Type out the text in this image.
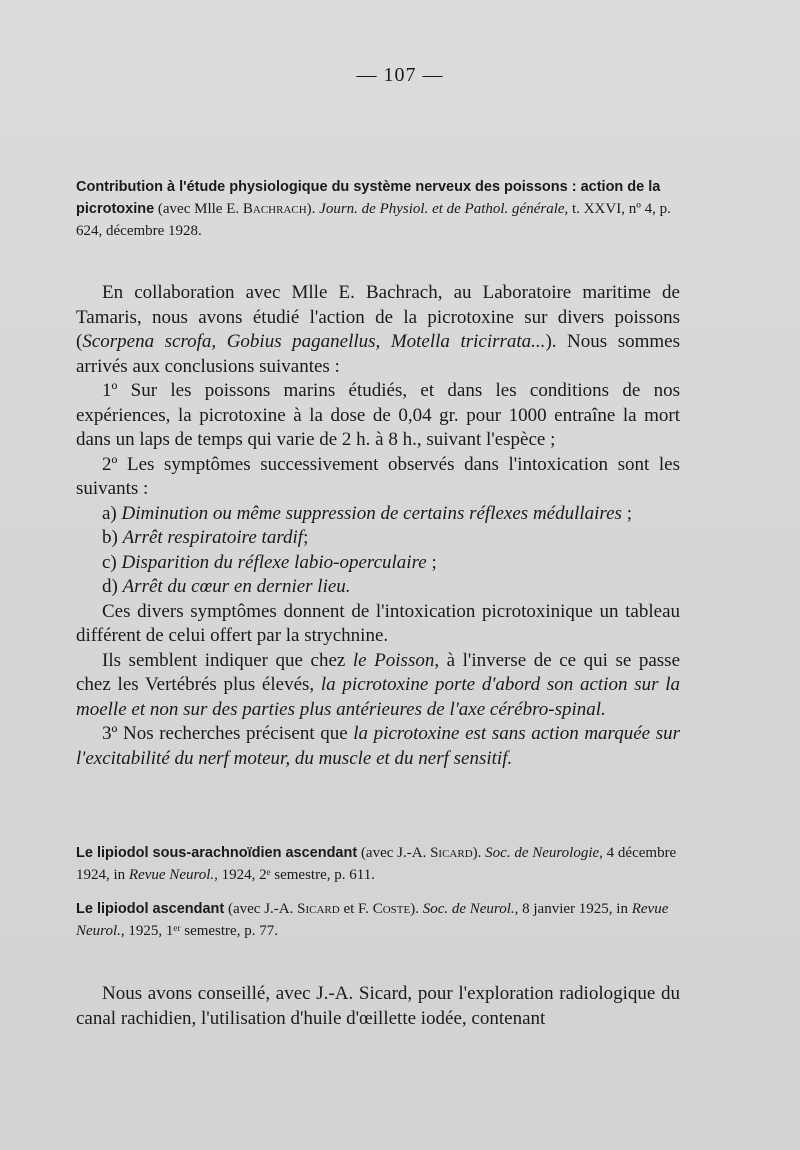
— 107 —
Contribution à l'étude physiologique du système nerveux des poissons : action de la picrotoxine (avec Mlle E. Bachrach). Journ. de Physiol. et de Pathol. générale, t. XXVI, nº 4, p. 624, décembre 1928.

En collaboration avec Mlle E. Bachrach, au Laboratoire maritime de Tamaris, nous avons étudié l'action de la picrotoxine sur divers poissons (Scorpena scrofa, Gobius paganellus, Motella tricirrata...). Nous sommes arrivés aux conclusions suivantes :

1º Sur les poissons marins étudiés, et dans les conditions de nos expériences, la picrotoxine à la dose de 0,04 gr. pour 1000 entraîne la mort dans un laps de temps qui varie de 2 h. à 8 h., suivant l'espèce ;

2º Les symptômes successivement observés dans l'intoxication sont les suivants :

a) Diminution ou même suppression de certains réflexes médullaires ;

b) Arrêt respiratoire tardif;

c) Disparition du réflexe labio-operculaire ;

d) Arrêt du cœur en dernier lieu.

Ces divers symptômes donnent de l'intoxication picrotoxinique un tableau différent de celui offert par la strychnine.

Ils semblent indiquer que chez le Poisson, à l'inverse de ce qui se passe chez les Vertébrés plus élevés, la picrotoxine porte d'abord son action sur la moelle et non sur des parties plus antérieures de l'axe cérébro-spinal.

3º Nos recherches précisent que la picrotoxine est sans action marquée sur l'excitabilité du nerf moteur, du muscle et du nerf sensitif.

Le lipiodol sous-arachnoïdien ascendant (avec J.-A. Sicard). Soc. de Neurologie, 4 décembre 1924, in Revue Neurol., 1924, 2ᵉ semestre, p. 611.
Le lipiodol ascendant (avec J.-A. Sicard et F. Coste). Soc. de Neurol., 8 janvier 1925, in Revue Neurol., 1925, 1ᵉʳ semestre, p. 77.

Nous avons conseillé, avec J.-A. Sicard, pour l'exploration radiologique du canal rachidien, l'utilisation d'huile d'œillette iodée, contenant
